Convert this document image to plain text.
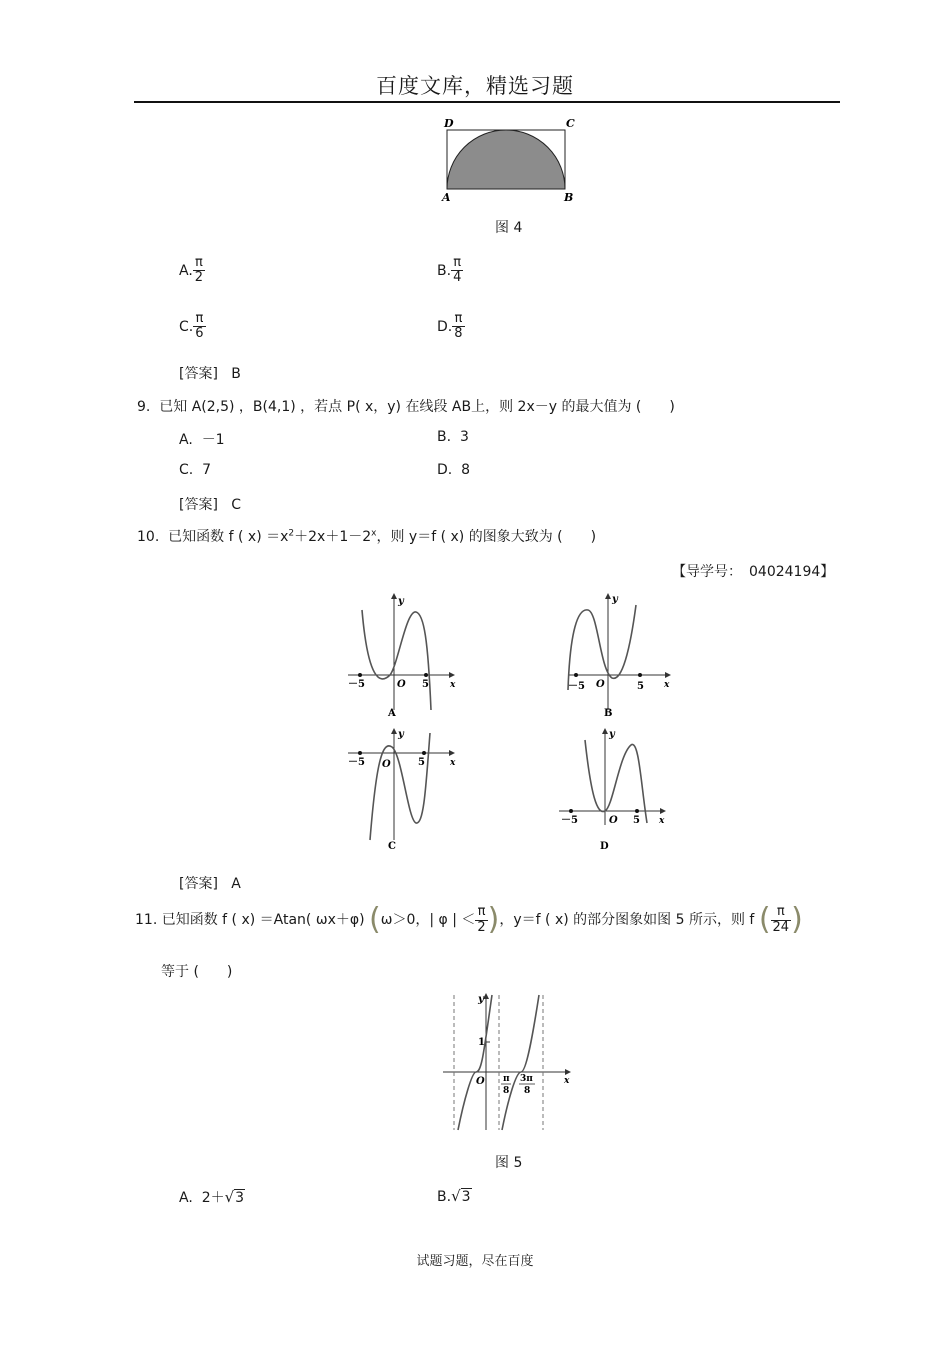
百度文库，精选习题
D	C
A	B
图 4
A. $\frac{\pi}{2}$	B. $\frac{\pi}{4}$
C. $\frac{\pi}{6}$	D. $\frac{\pi}{8}$
[答案] B
9. 已知 A(2,5) ，B(4,1) ，若点 P( x，y) 在线段 AB上，则 2x－y 的最大值为 (　　)
A. －1	B. 3
C. 7	D. 8
[答案] C
10. 已知函数 f ( $x) =x^2+2x+1-2^x$，则 y＝f ( x) 的图象大致为 (　　)
【导学号：　04024194】
y
x
－5	5
O
A
y
x
－5	5
O
B
y
x
－5	5
O
C
y
x
－5	5
O
D
[答案] A
11. 已知函数 f ( x) ＝Atan( ωx＋φ) (ω＞0，| φ | ＜ $\frac{\pi}{2}$ )，y＝f ( x) 的部分图象如图 5 所示，则 f ( $\frac{\pi}{24}$ )
等于 (　　)
y
x
1
O π
8
3π
8
图 5
A. 2＋√3	B.√3
试题习题，尽在百度
